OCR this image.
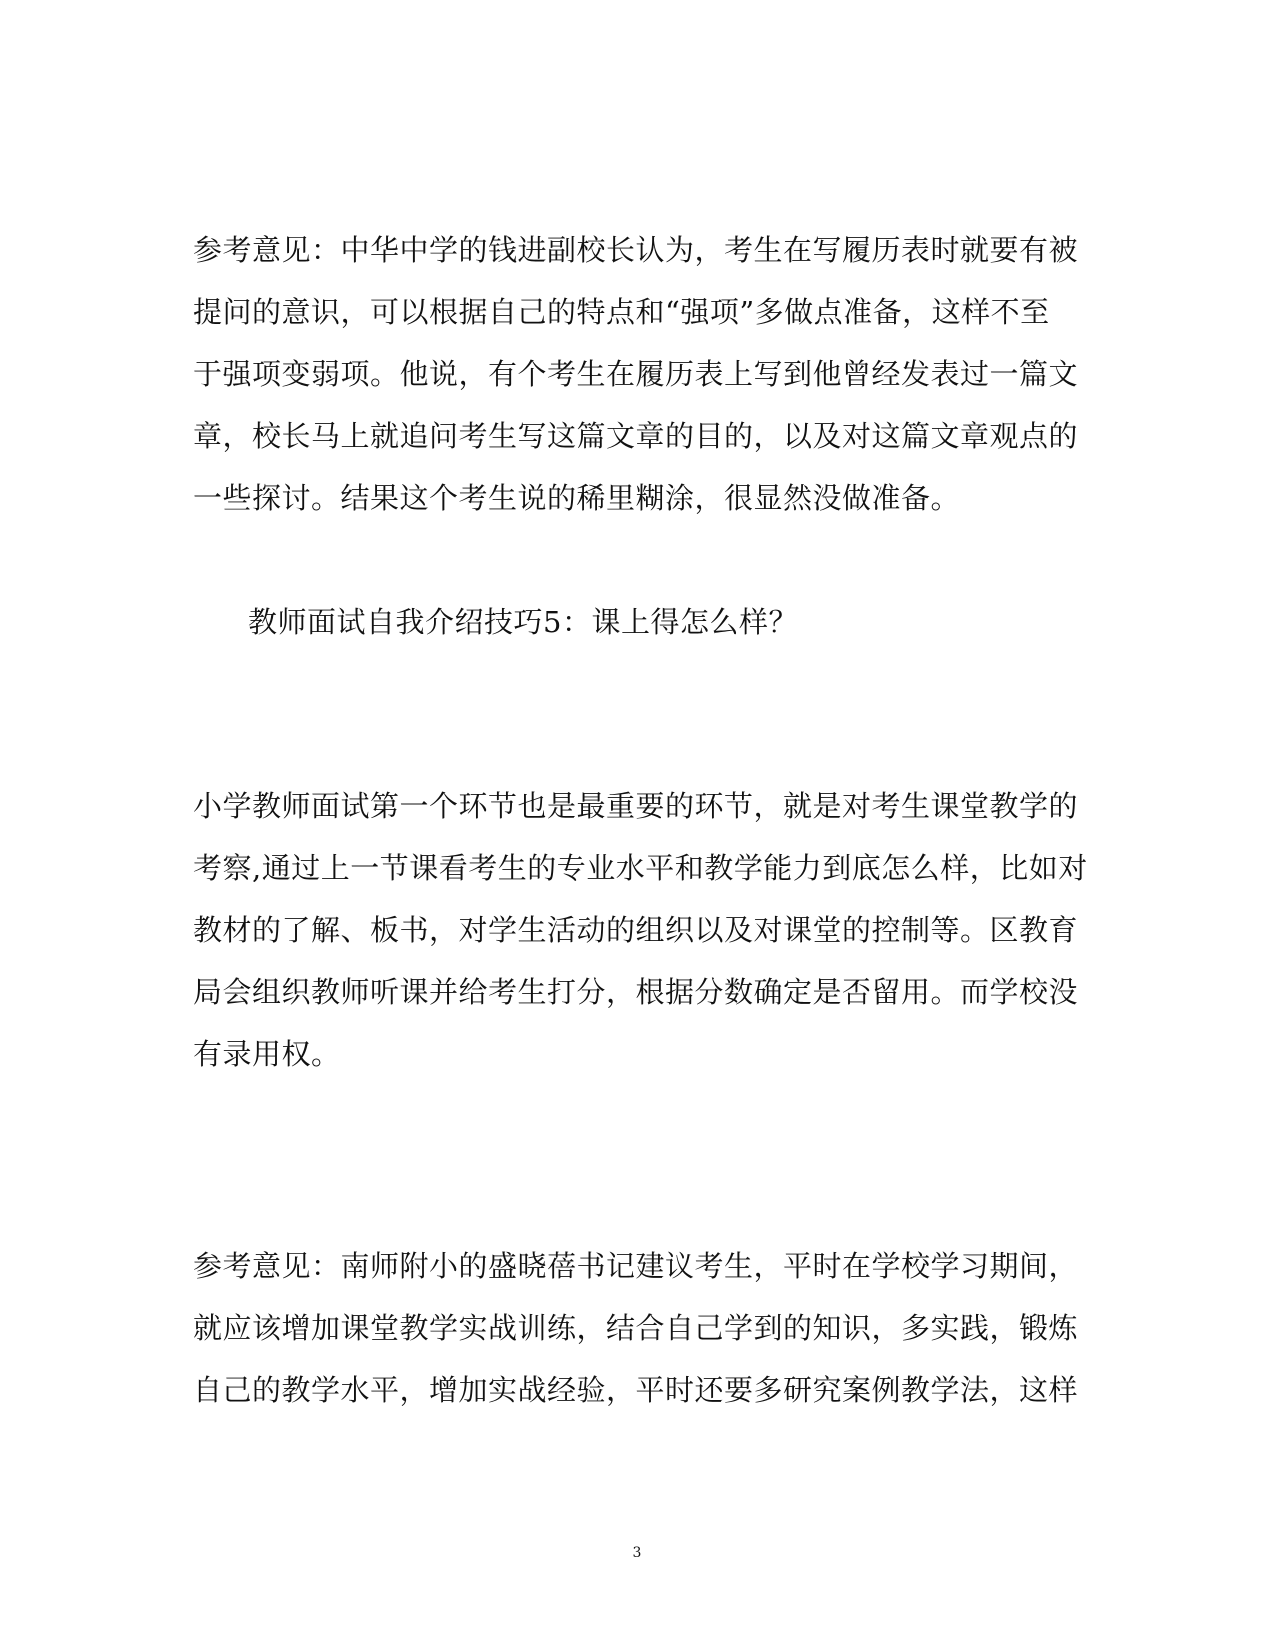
参考意见：中华中学的钱进副校长认为，考生在写履历表时就要有被
提问的意识，可以根据自己的特点和“强项”多做点准备，这样不至
于强项变弱项。他说，有个考生在履历表上写到他曾经发表过一篇文
章，校长马上就追问考生写这篇文章的目的，以及对这篇文章观点的
一些探讨。结果这个考生说的稀里糊涂，很显然没做准备。
教师面试自我介绍技巧5：课上得怎么样？
小学教师面试第一个环节也是最重要的环节，就是对考生课堂教学的
考察,通过上一节课看考生的专业水平和教学能力到底怎么样，比如对
教材的了解、板书，对学生活动的组织以及对课堂的控制等。区教育
局会组织教师听课并给考生打分，根据分数确定是否留用。而学校没
有录用权。
参考意见：南师附小的盛晓蓓书记建议考生，平时在学校学习期间，
就应该增加课堂教学实战训练，结合自己学到的知识，多实践，锻炼
自己的教学水平，增加实战经验，平时还要多研究案例教学法，这样
3
